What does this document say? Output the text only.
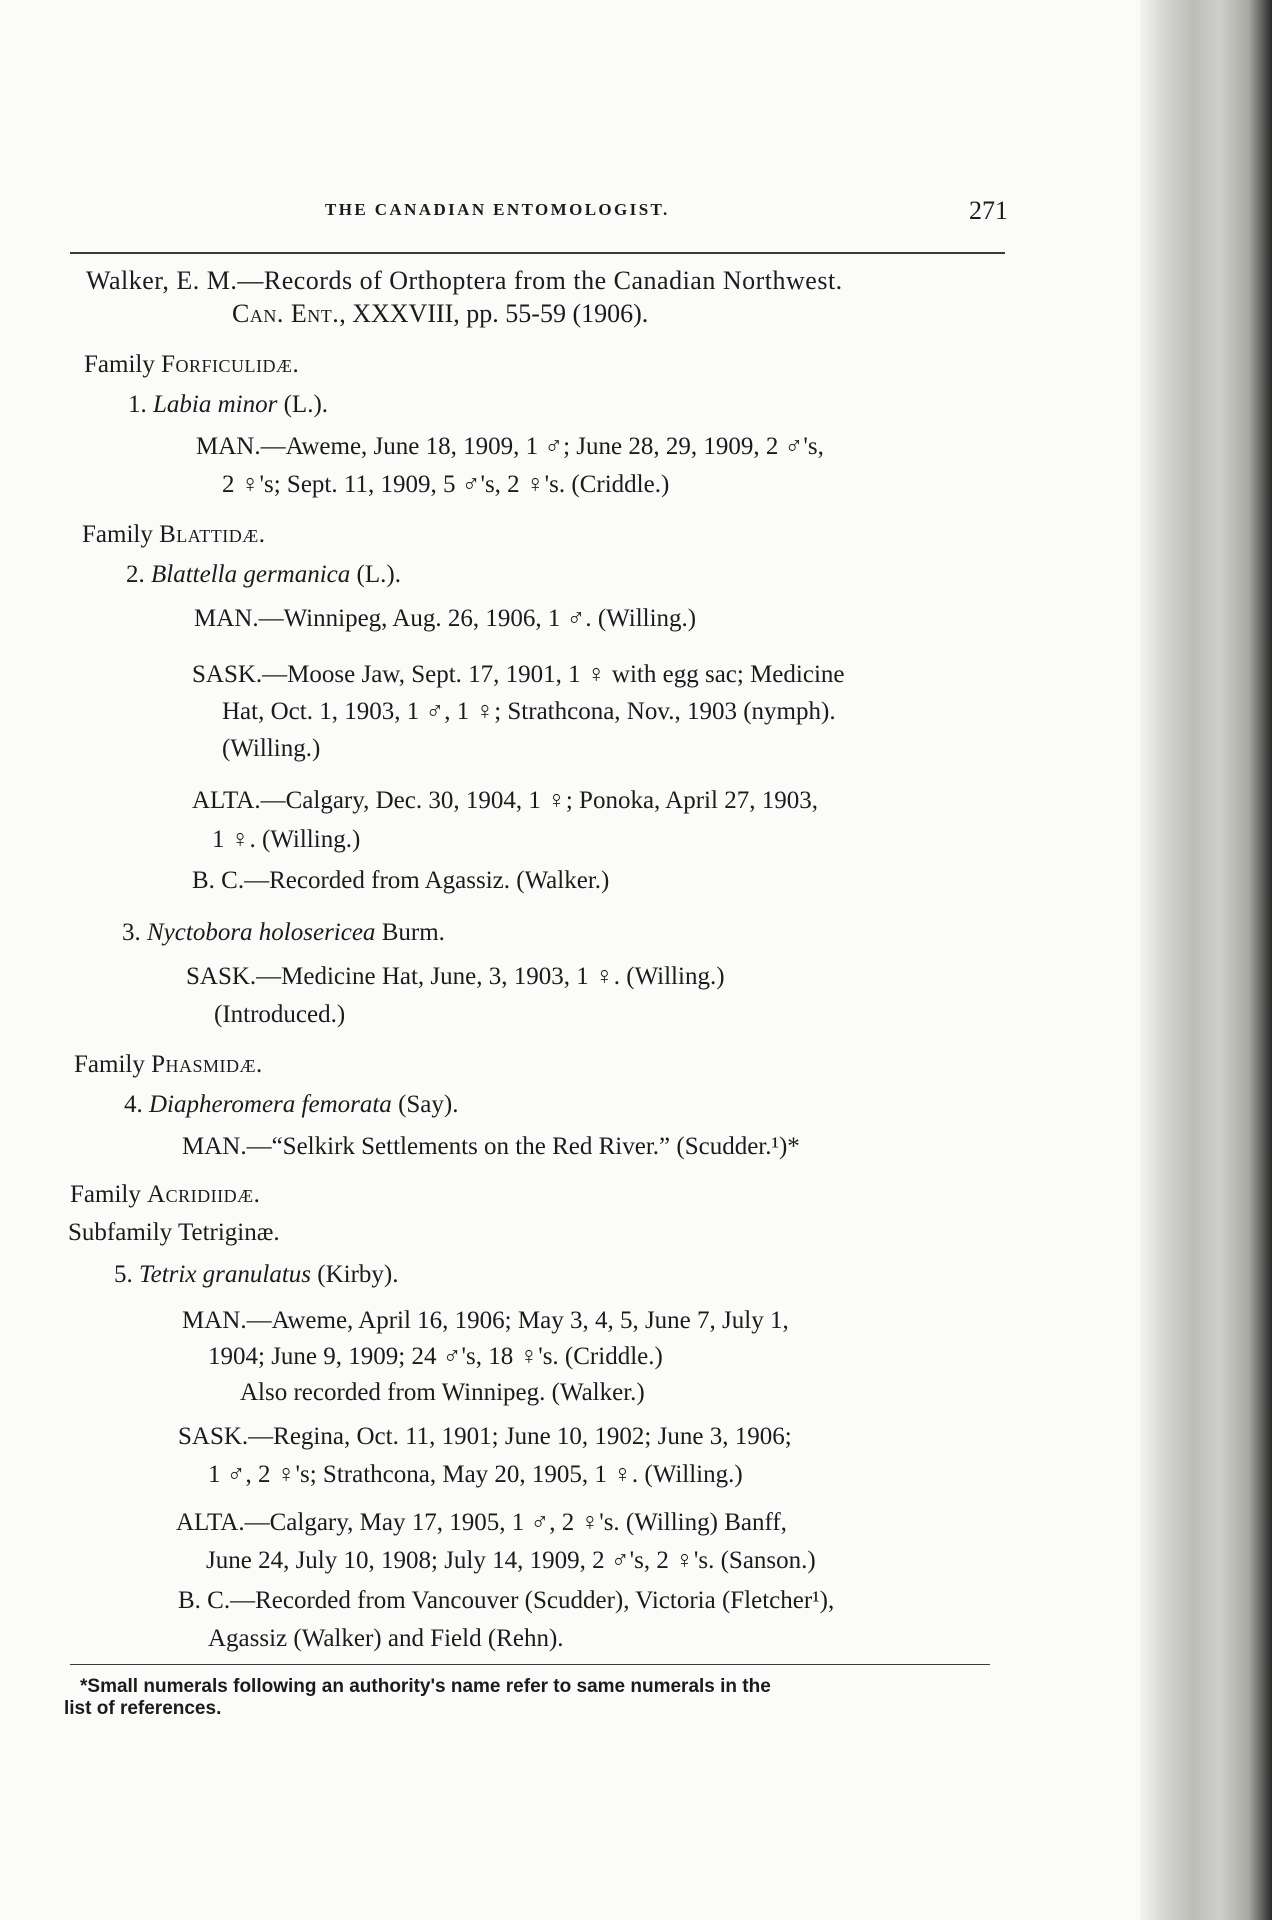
THE CANADIAN ENTOMOLOGIST.	271
Walker, E. M.—Records of Orthoptera from the Canadian Northwest.
Can. Ent., XXXVIII, pp. 55-59 (1906).
Family Forficulidæ.
1. Labia minor (L.).
MAN.—Aweme, June 18, 1909, 1 ♂; June 28, 29, 1909, 2 ♂'s,
2 ♀'s; Sept. 11, 1909, 5 ♂'s, 2 ♀'s. (Criddle.)
Family Blattidæ.
2. Blattella germanica (L.).
MAN.—Winnipeg, Aug. 26, 1906, 1 ♂. (Willing.)
SASK.—Moose Jaw, Sept. 17, 1901, 1 ♀ with egg sac; Medicine
Hat, Oct. 1, 1903, 1 ♂, 1 ♀; Strathcona, Nov., 1903 (nymph).
(Willing.)
ALTA.—Calgary, Dec. 30, 1904, 1 ♀; Ponoka, April 27, 1903,
1 ♀. (Willing.)
B. C.—Recorded from Agassiz. (Walker.)
3. Nyctobora holosericea Burm.
SASK.—Medicine Hat, June, 3, 1903, 1 ♀. (Willing.)
(Introduced.)
Family Phasmidæ.
4. Diapheromera femorata (Say).
MAN.—“Selkirk Settlements on the Red River.” (Scudder.¹)*
Family Acridiidæ.
Subfamily Tetriginæ.
5. Tetrix granulatus (Kirby).
MAN.—Aweme, April 16, 1906; May 3, 4, 5, June 7, July 1,
1904; June 9, 1909; 24 ♂'s, 18 ♀'s. (Criddle.)
Also recorded from Winnipeg. (Walker.)
SASK.—Regina, Oct. 11, 1901; June 10, 1902; June 3, 1906;
1 ♂, 2 ♀'s; Strathcona, May 20, 1905, 1 ♀. (Willing.)
ALTA.—Calgary, May 17, 1905, 1 ♂, 2 ♀'s. (Willing) Banff,
June 24, July 10, 1908; July 14, 1909, 2 ♂'s, 2 ♀'s. (Sanson.)
B. C.—Recorded from Vancouver (Scudder), Victoria (Fletcher¹),
Agassiz (Walker) and Field (Rehn).
*Small numerals following an authority's name refer to same numerals in the
list of references.
